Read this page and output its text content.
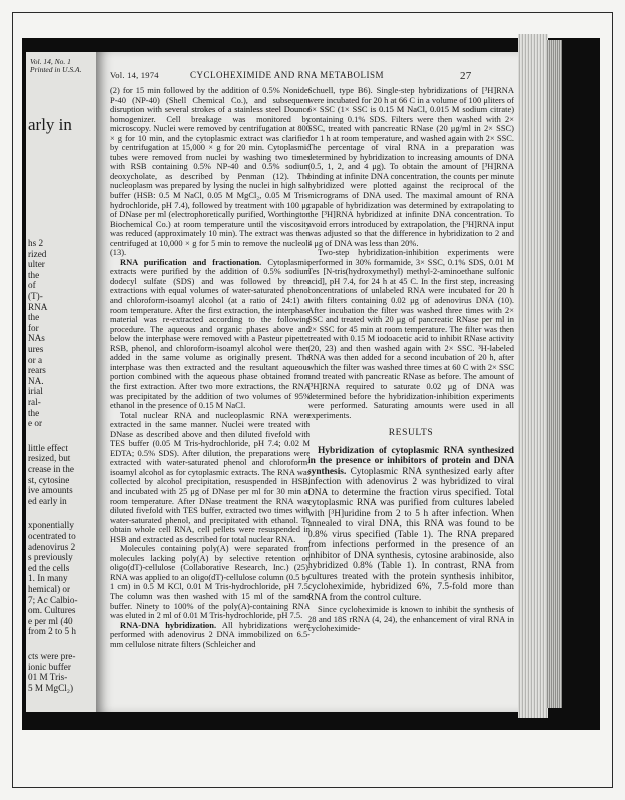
Vol. 14, No. 1
Printed in U.S.A.
arly in
hs 2
rized
ulter
the
of
(T)-
RNA
the
for
NAs
ures
or a
rears
NA.
irial
ral-
the
e or
little effect
resized, but
crease in the
st, cytosine
ive amounts
ed early in
xponentially
ocentrated to
adenovirus 2
s previously
ed the cells
1. In many
hemical) or
7; Ac Calbio-
om. Cultures
e per ml (40
from 2 to 5 h
cts were pre-
ionic buffer
01 M Tris-
5 M MgCl₂)
Vol. 14, 1974	CYCLOHEXIMIDE AND RNA METABOLISM	27

(2) for 15 min followed by the addition of 0.5% Nonidet P-40 (NP-40) (Shell Chemical Co.), and subsequent disruption with several strokes of a stainless steel Dounce homogenizer. Cell breakage was monitored by microscopy. Nuclei were removed by centrifugation at 800 × g for 10 min, and the cytoplasmic extract was clarified by centrifugation at 15,000 × g for 20 min. Cytoplasmic tubes were removed from nuclei by washing two times with RSB containing 0.5% NP-40 and 0.5% sodium deoxycholate, as described by Penman (12). The nucleoplasm was prepared by lysing the nuclei in high salt buffer (HSB: 0.5 M NaCl, 0.05 M MgCl₂, 0.05 M Tris-hydrochloride, pH 7.4), followed by treatment with 100 μg of DNase per ml (electrophoretically purified, Worthington Biochemical Co.) at room temperature until the viscosity was reduced (approximately 10 min). The extract was then centrifuged at 10,000 × g for 5 min to remove the nucleoli (13).

RNA purification and fractionation. Cytoplasmic extracts were purified by the addition of 0.5% sodium dodecyl sulfate (SDS) and was followed by three extractions with equal volumes of water-saturated phenol and chloroform-isoamyl alcohol (at a ratio of 24:1) at room temperature. After the first extraction, the interphase material was re-extracted according to the following procedure. The aqueous and organic phases above and below the interphase were removed with a Pasteur pipette. RSB, phenol, and chloroform-isoamyl alcohol were then added in the same volume as originally present. The interphase was then extracted and the resultant aqueous portion combined with the aqueous phase obtained from the first extraction. After two more extractions, the RNA was precipitated by the addition of two volumes of 95% ethanol in the presence of 0.15 M NaCl.

Total nuclear RNA and nucleoplasmic RNA were extracted in the same manner. Nuclei were treated with DNase as described above and then diluted fivefold with TES buffer (0.05 M Tris-hydrochloride, pH 7.4; 0.02 M EDTA; 0.5% SDS). After dilution, the preparations were extracted with water-saturated phenol and chloroform-isoamyl alcohol as for cytoplasmic extracts. The RNA was collected by alcohol precipitation, resuspended in HSB, and incubated with 25 μg of DNase per ml for 30 min at room temperature. After DNase treatment the RNA was diluted fivefold with TES buffer, extracted two times with water-saturated phenol, and precipitated with ethanol. To obtain whole cell RNA, cell pellets were resuspended in HSB and extracted as described for total nuclear RNA.

Molecules containing poly(A) were separated from molecules lacking poly(A) by selective retention on oligo(dT)-cellulose (Collaborative Research, Inc.) (25). RNA was applied to an oligo(dT)-cellulose column (0.5 by 1 cm) in 0.5 M KCl, 0.01 M Tris-hydrochloride, pH 7.5. The column was then washed with 15 ml of the same buffer. Ninety to 100% of the poly(A)-containing RNA was eluted in 2 ml of 0.01 M Tris-hydrochloride, pH 7.5.

RNA-DNA hybridization. All hybridizations were performed with adenovirus 2 DNA immobilized on 6.5-mm cellulose nitrate filters (Schleicher and

Schuell, type B6). Single-step hybridizations of [³H]RNA were incubated for 20 h at 66 C in a volume of 100 μliters of 6× SSC (1× SSC is 0.15 M NaCl, 0.015 M sodium citrate) containing 0.1% SDS. Filters were then washed with 2× SSC, treated with pancreatic RNase (20 μg/ml in 2× SSC) for 1 h at room temperature, and washed again with 2× SSC. The percentage of viral RNA in a preparation was determined by hybridization to increasing amounts of DNA (0.5, 1, 2, and 4 μg). To obtain the amount of [³H]RNA binding at infinite DNA concentration, the counts per minute hybridized were plotted against the reciprocal of the micrograms of DNA used. The maximal amount of RNA capable of hybridization was determined by extrapolating to the [³H]RNA hybridized at infinite DNA concentration. To avoid errors introduced by extrapolation, the [³H]RNA input was adjusted so that the difference in hybridization to 2 and 4 μg of DNA was less than 20%.

Two-step hybridization-inhibition experiments were performed in 30% formamide, 3× SSC, 0.1% SDS, 0.01 M Tes [N-tris(hydroxymethyl) methyl-2-aminoethane sulfonic acid], pH 7.4, for 24 h at 45 C. In the first step, increasing concentrations of unlabeled RNA were incubated for 20 h with filters containing 0.02 μg of adenovirus DNA (10). After incubation the filter was washed three times with 2× SSC and treated with 20 μg of pancreatic RNase per ml in 2× SSC for 45 min at room temperature. The filter was then treated with 0.15 M iodoacetic acid to inhibit RNase activity (20, 23) and then washed again with 2× SSC. ³H-labeled RNA was then added for a second incubation of 20 h, after which the filter was washed three times at 60 C with 2× SSC and treated with pancreatic RNase as before. The amount of [³H]RNA required to saturate 0.02 μg of DNA was determined before the hybridization-inhibition experiments were performed. Saturating amounts were used in all experiments.

RESULTS

Hybridization of cytoplasmic RNA synthesized in the presence or inhibitors of protein and DNA synthesis. Cytoplasmic RNA synthesized early after infection with adenovirus 2 was hybridized to viral DNA to determine the fraction virus specified. Total cytoplasmic RNA was purified from cultures labeled with [³H]uridine from 2 to 5 h after infection. When annealed to viral DNA, this RNA was found to be 0.8% virus specified (Table 1). The RNA prepared from infections performed in the presence of an inhibitor of DNA synthesis, cytosine arabinoside, also hybridized 0.8% (Table 1). In contrast, RNA from cultures treated with the protein synthesis inhibitor, cycloheximide, hybridized 6%, 7.5-fold more than RNA from the control culture.

Since cycloheximide is known to inhibit the synthesis of 28 and 18S rRNA (4, 24), the enhancement of viral RNA in cycloheximide-
